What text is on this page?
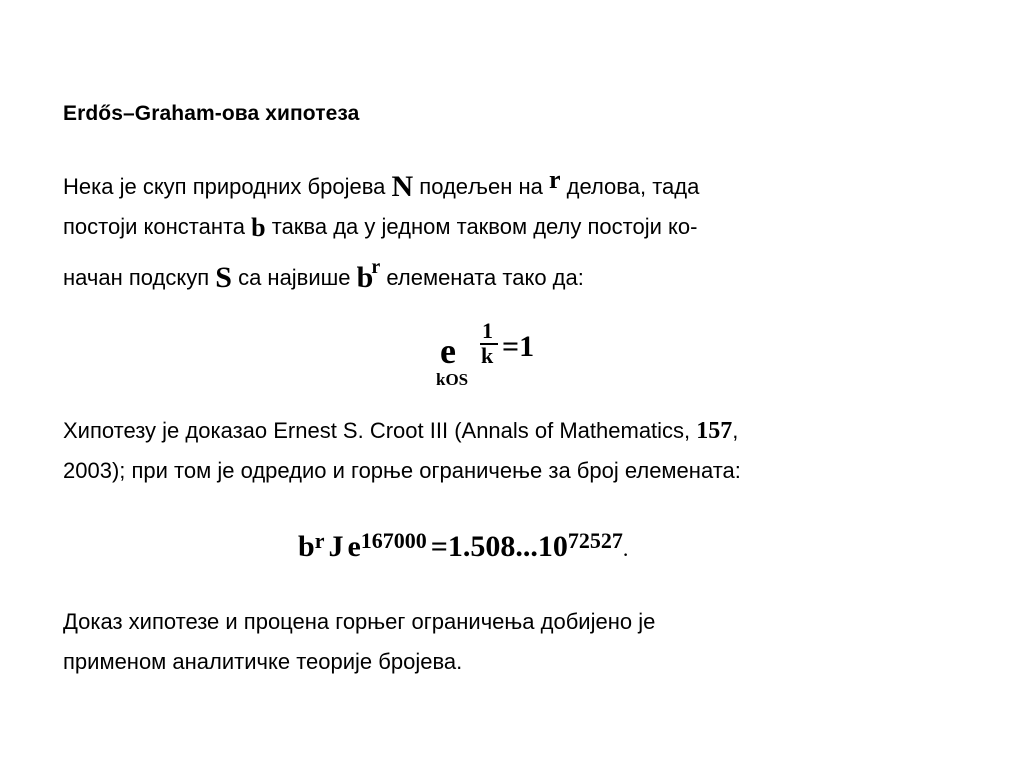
Erdős–Graham-ова хипотеза
Нека је скуп природних бројева N подељен на r делова, тада
постоји константа b таква да у једном таквом делу постоји ко-
начан подскуп S са највише br елемената тако да:
e
kOS
1
k =1
Хипотезу је доказао Ernest S. Croot III (Annals of Mathematics, 157,
2003); при том је одредио и горње ограничење за број елемената:
$b^r$ J $e^{167000} =1.508...10^{72527}$.
Доказ хипотезе и процена горњег ограничења добијено је
применом аналитичке теорије бројева.
